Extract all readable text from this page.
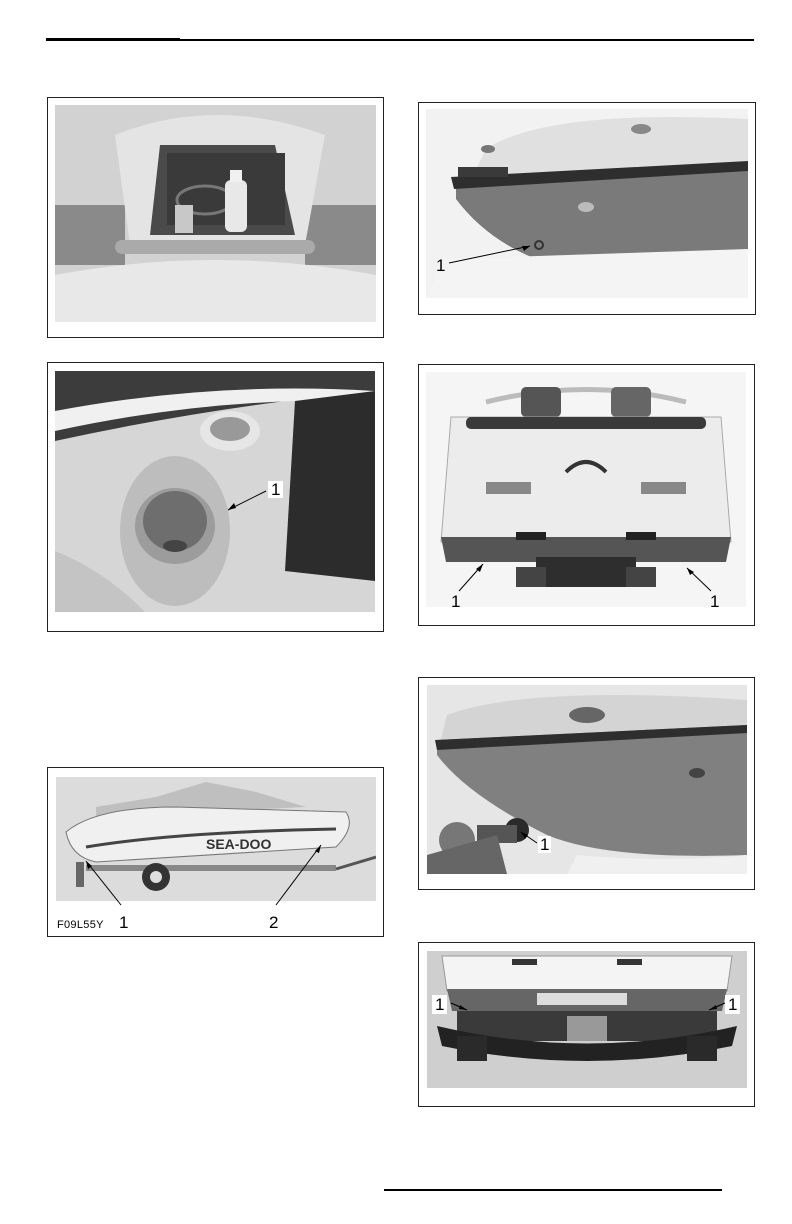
1
1
1	1
SEA-DOO
F09L55Y 1	2
1
1	1
